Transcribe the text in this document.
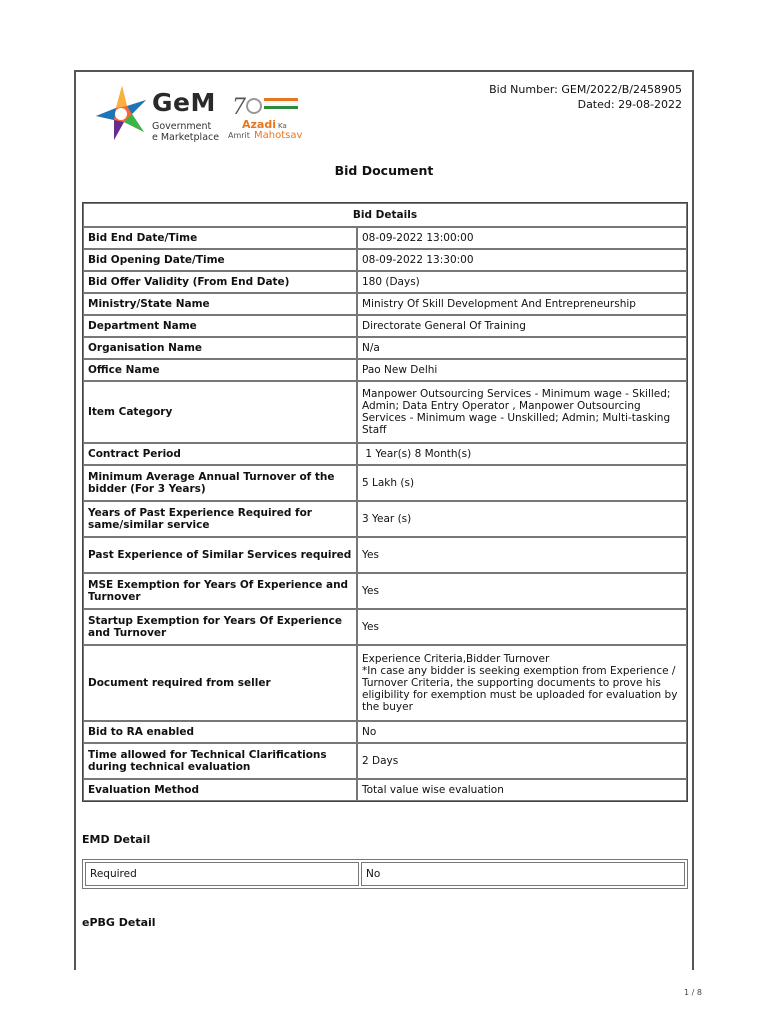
GeM
Government
e Marketplace
7
Azadi Ka
Amrit Mahotsav
Bid Number: GEM/2022/B/2458905
Dated: 29-08-2022
Bid Document
Bid Details	
Bid End Date/Time	08-09-2022 13:00:00
Bid Opening Date/Time	08-09-2022 13:30:00
Bid Offer Validity (From End Date)	180 (Days)
Ministry/State Name	Ministry Of Skill Development And Entrepreneurship
Department Name	Directorate General Of Training
Organisation Name	N/a
Office Name	Pao New Delhi
Item Category	Manpower Outsourcing Services - Minimum wage - Skilled; Admin; Data Entry Operator , Manpower Outsourcing Services - Minimum wage - Unskilled; Admin; Multi-tasking Staff
Contract Period	1 Year(s) 8 Month(s)
Minimum Average Annual Turnover of the bidder (For 3 Years)	5 Lakh (s)
Years of Past Experience Required for same/similar service	3 Year (s)
Past Experience of Similar Services required	Yes
MSE Exemption for Years Of Experience and Turnover	Yes
Startup Exemption for Years Of Experience and Turnover	Yes
Document required from seller	Experience Criteria,Bidder Turnover
*In case any bidder is seeking exemption from Experience / Turnover Criteria, the supporting documents to prove his eligibility for exemption must be uploaded for evaluation by the buyer

Bid to RA enabled	No
Time allowed for Technical Clarifications during technical evaluation	2 Days
Evaluation Method	Total value wise evaluation
EMD Detail
Required	No
ePBG Detail
1 / 8
